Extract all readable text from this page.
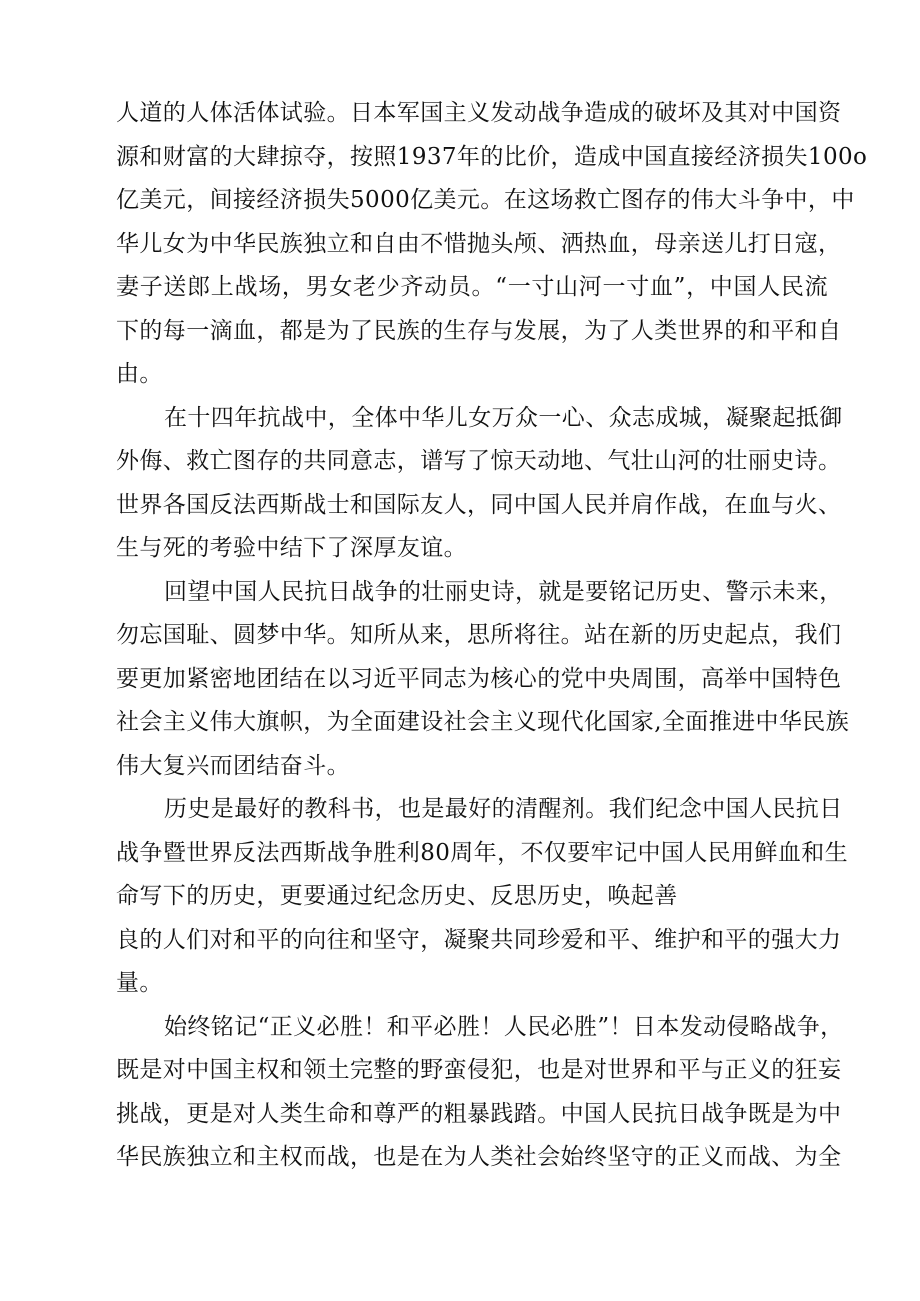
人道的人体活体试验。日本军国主义发动战争造成的破坏及其对中国资
源和财富的大肆掠夺，按照1937年的比价，造成中国直接经济损失100o
亿美元，间接经济损失5000亿美元。在这场救亡图存的伟大斗争中，中
华儿女为中华民族独立和自由不惜抛头颅、洒热血，母亲送儿打日寇，
妻子送郎上战场，男女老少齐动员。“一寸山河一寸血”，中国人民流
下的每一滴血，都是为了民族的生存与发展，为了人类世界的和平和自
由。
在十四年抗战中，全体中华儿女万众一心、众志成城，凝聚起抵御
外侮、救亡图存的共同意志，谱写了惊天动地、气壮山河的壮丽史诗。
世界各国反法西斯战士和国际友人，同中国人民并肩作战，在血与火、
生与死的考验中结下了深厚友谊。
回望中国人民抗日战争的壮丽史诗，就是要铭记历史、警示未来，
勿忘国耻、圆梦中华。知所从来，思所将往。站在新的历史起点，我们
要更加紧密地团结在以习近平同志为核心的党中央周围，高举中国特色
社会主义伟大旗帜，为全面建设社会主义现代化国家,全面推进中华民族
伟大复兴而团结奋斗。
历史是最好的教科书，也是最好的清醒剂。我们纪念中国人民抗日
战争暨世界反法西斯战争胜利80周年，不仅要牢记中国人民用鲜血和生
命写下的历史，更要通过纪念历史、反思历史，唤起善
良的人们对和平的向往和坚守，凝聚共同珍爱和平、维护和平的强大力
量。
始终铭记“正义必胜！和平必胜！人民必胜”！日本发动侵略战争，
既是对中国主权和领土完整的野蛮侵犯，也是对世界和平与正义的狂妄
挑战，更是对人类生命和尊严的粗暴践踏。中国人民抗日战争既是为中
华民族独立和主权而战，也是在为人类社会始终坚守的正义而战、为全
